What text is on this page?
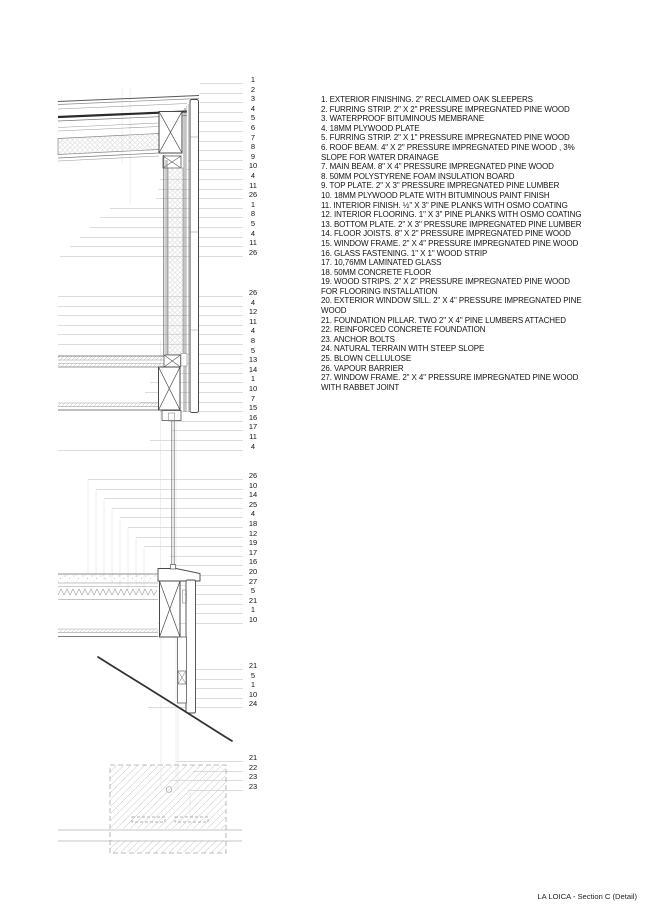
1. EXTERIOR FINISHING. 2" RECLAIMED OAK SLEEPERS
2. FURRING STRIP. 2" X 2" PRESSURE IMPREGNATED PINE WOOD
3. WATERPROOF BITUMINOUS MEMBRANE
4. 18MM PLYWOOD PLATE
5. FURRING STRIP. 2" X 1" PRESSURE IMPREGNATED PINE WOOD
6. ROOF BEAM. 4" X 2" PRESSURE IMPREGNATED PINE WOOD , 3% SLOPE FOR WATER DRAINAGE
7. MAIN BEAM. 8" X 4" PRESSURE IMPREGNATED PINE WOOD
8. 50MM POLYSTYRENE FOAM INSULATION BOARD
9. TOP PLATE. 2" X 3" PRESSURE IMPREGNATED PINE LUMBER
10. 18MM PLYWOOD PLATE WITH BITUMINOUS PAINT FINISH
11. INTERIOR FINISH. ½" X 3" PINE PLANKS WITH OSMO COATING
12. INTERIOR FLOORING. 1" X 3" PINE PLANKS WITH OSMO COATING
13. BOTTOM PLATE. 2" X 3" PRESSURE IMPREGNATED PINE LUMBER
14. FLOOR JOISTS. 8" X 2" PRESSURE IMPREGNATED PINE WOOD
15. WINDOW FRAME. 2" X 4" PRESSURE IMPREGNATED PINE WOOD
16. GLASS FASTENING. 1" X 1" WOOD STRIP
17. 10,76MM LAMINATED GLASS
18. 50MM CONCRETE FLOOR
19. WOOD STRIPS. 2" X 2" PRESSURE IMPREGNATED PINE WOOD FOR FLOORING INSTALLATION
20. EXTERIOR WINDOW SILL. 2" X 4" PRESSURE IMPREGNATED PINE WOOD
21. FOUNDATION PILLAR. TWO 2" X 4" PINE LUMBERS ATTACHED
22. REINFORCED CONCRETE FOUNDATION
23. ANCHOR BOLTS
24. NATURAL TERRAIN WITH STEEP SLOPE
25. BLOWN CELLULOSE
26. VAPOUR BARRIER
27. WINDOW FRAME. 2" X 4" PRESSURE IMPREGNATED PINE WOOD WITH RABBET JOINT
1
2
3
4
5
6
7
8
9
10
4
11
26
1
8
5
4
11
26
26
4
12
11
4
8
5
13
14
1
10
7
15
16
17
11
4
26
10
14
25
4
18
12
19
17
16
20
27
5
21
1
10
21
5
1
10
24
21
22
23
23
LA LOICA - Section C (Detail)
